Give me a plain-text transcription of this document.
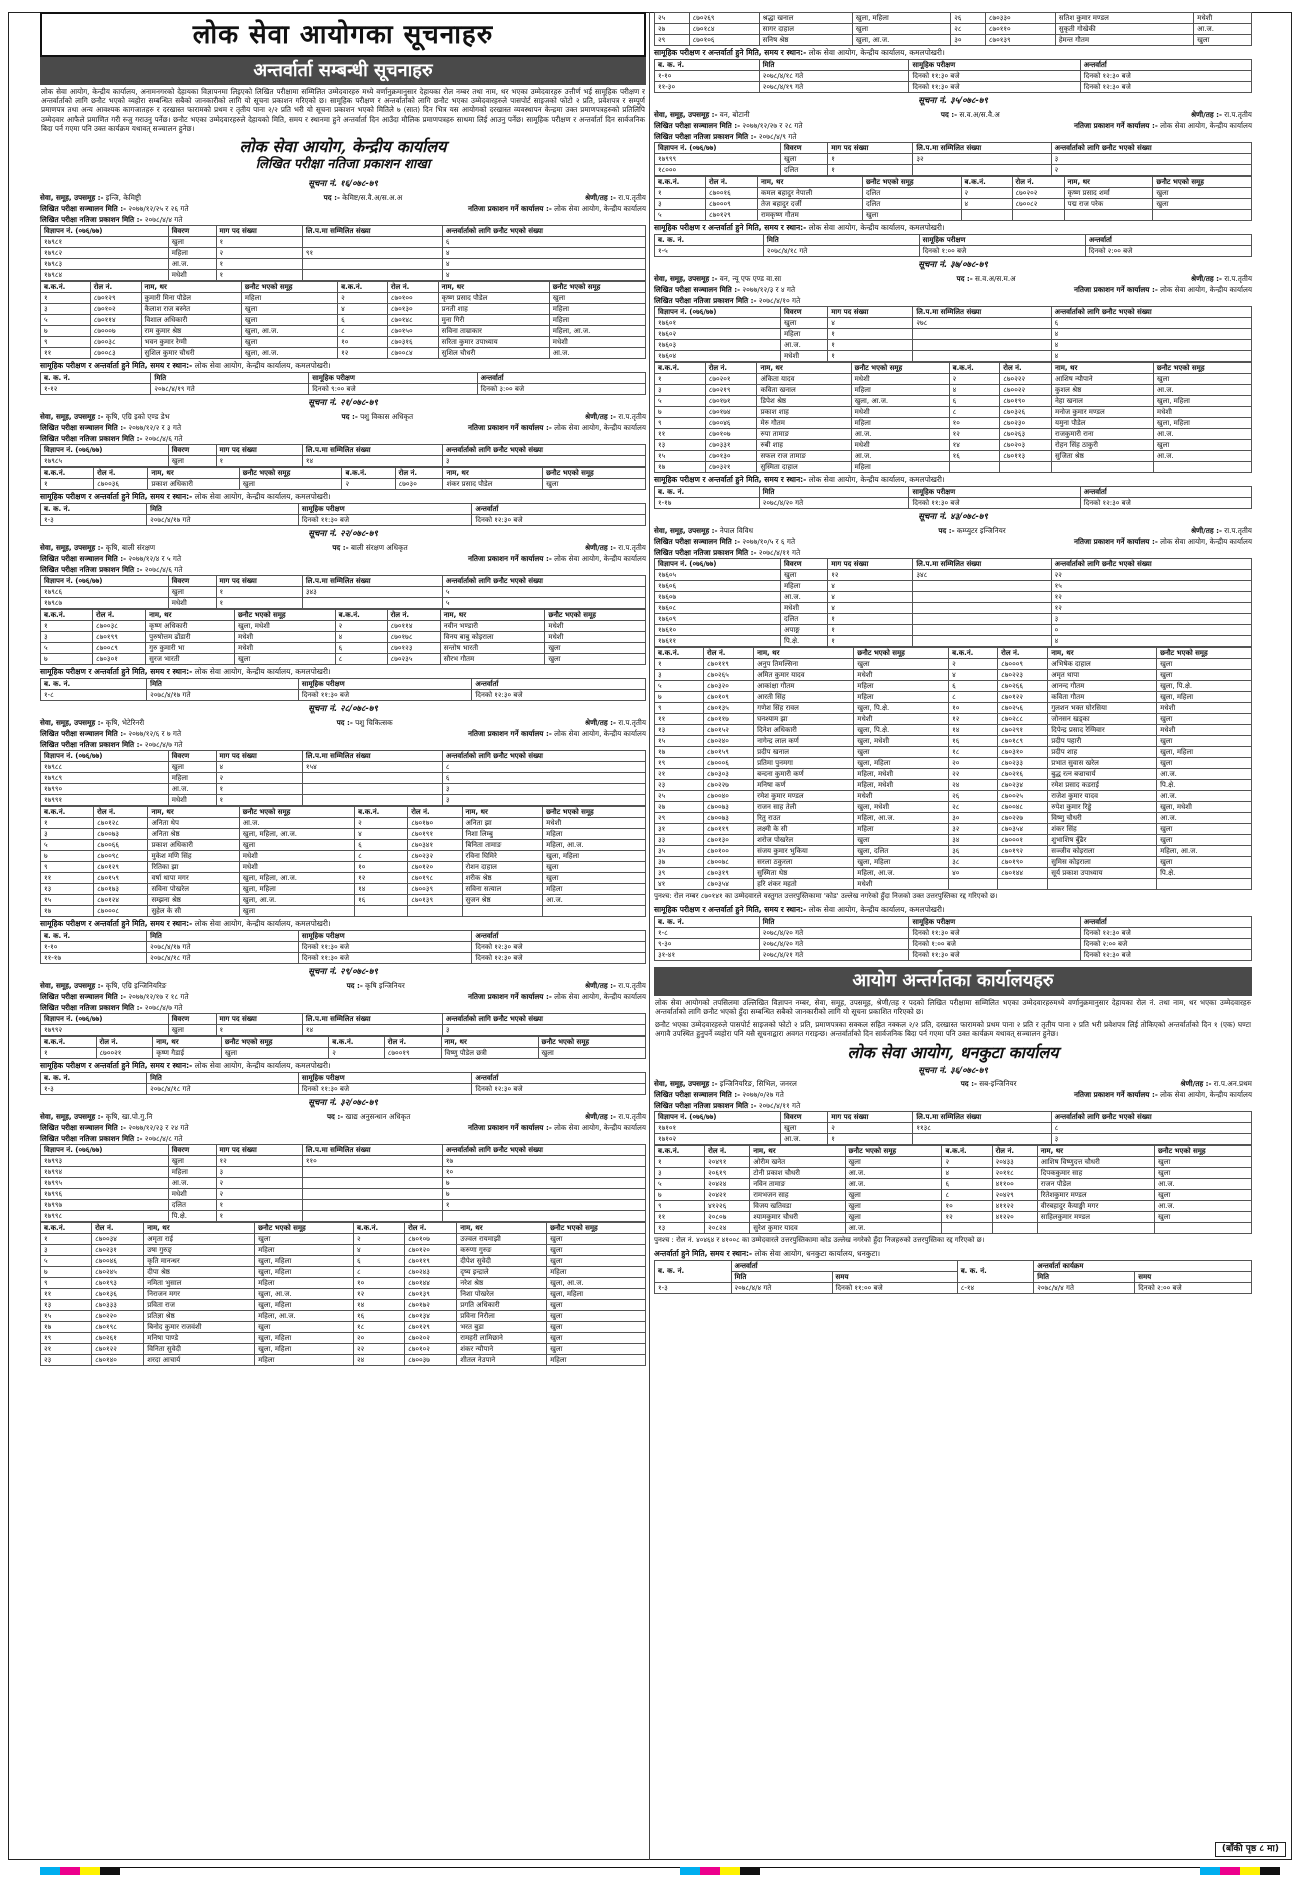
लोक सेवा आयोगका सूचनाहरु
अन्तर्वार्ता सम्बन्धी सूचनाहरु
लोक सेवा आयोग, केन्द्रीय कार्यालय, अनामनगरको देहायका विज्ञापनमा लिइएको लिखित परीक्षामा सम्मिलित उम्मेदवारहरु मध्ये वर्णानुक्रमानुसार देहायका रोल नम्बर तथा नाम, थर भएका उम्मेदवारहरु उत्तीर्ण भई सामूहिक परीक्षण र अन्तर्वार्ताको लागि छनौट भएको व्यहोरा सम्बन्धित सबैको जानकारीको लागि यो सूचना प्रकाशन गरिएको छ। सामूहिक परीक्षण र अन्तर्वार्ताको लागि छनौट भएका उम्मेदवारहरुले पासपोर्ट साइजको फोटो २ प्रति, प्रवेशपत्र र सम्पूर्ण प्रमाणपत्र तथा अन्य आवश्यक कागजातहरु र दरखास्त फारामको प्रथम र तृतीय पाना २/२ प्रति भरी यो सूचना प्रकाशन भएको मितिले ७ (सात) दिन भित्र यस आयोगको दरखास्त व्यवस्थापन केन्द्रमा उक्त प्रमाणपत्रहरुको प्रतिलिपि उम्मेदवार आफैले प्रमाणित गरी रुजु गराउनु पर्नेछ। छनौट भएका उम्मेदवारहरुले देहायको मिति, समय र स्थानमा हुने अन्तर्वार्ता दिन आउँदा मौलिक प्रमाणपत्रहरु साथमा लिई आउनु पर्नेछ। सामूहिक परीक्षण र अन्तर्वार्ता दिन सार्वजनिक बिदा पर्न गएमा पनि उक्त कार्यक्रम यथावत् सञ्चालन हुनेछ।
लोक सेवा आयोग, केन्द्रीय कार्यालय
लिखित परीक्षा नतिजा प्रकाशन शाखा
सूचना नं. १६/०७८-७९
सेवा, समूह, उपसमूह :- इन्जि, केमिष्ट्री	पद :- केमिष्ट/स.वै.अ/स.अ.अ	श्रेणी/तह :- रा.प.तृतीय
लिखित परीक्षा सञ्चालन मिति :- २०७७/१२/२५ र २६ गते	नतिजा प्रकाशन गर्ने कार्यालय :- लोक सेवा आयोग, केन्द्रीय कार्यालय
लिखित परीक्षा नतिजा प्रकाशन मिति :- २०७८/४/४ गते
विज्ञापन नं. (०७६/७७)	विवरण	माग पद संख्या	लि.प.मा सम्मिलित संख्या	अन्तर्वार्ताको लागि छनौट भएको संख्या
१७९८१	खुला	१		६
१७९८२	महिला	२	९१	४
१७९८३	आ.ज.	१		४
१७९८४	मधेशी	१		४
ब.क.नं.	रोल नं.	नाम, थर	छनौट भएको समूह	ब.क.नं.	रोल नं.	नाम, थर	छनौट भएको समूह
१	८७०१२९	कुमारी मिना पौडेल	महिला	२	८७०१००	कृष्ण प्रसाद पौडेल	खुला
३	८७०१०२	कैलाश राज बस्नेत	खुला	४	८७०१३०	प्रनती शाह	महिला
५	८७०११४	विशाल अधिकारी	खुला	६	८७०१४८	मुना गिरी	महिला
७	८७०००७	राम कुमार श्रेष्ठ	खुला, आ.ज.	८	८७०१५०	सविना ताम्राकार	महिला, आ.ज.
९	८७००३८	भवन कुमार रेग्मी	खुला	१०	८७०३१६	सरिता कुमार उपाध्याय	मधेशी
११	८७००८३	सुशिल कुमार चौधरी	खुला, आ.ज.	१२	८७००८४	सुशिल चौधरी	आ.ज.
सामूहिक परीक्षण र अन्तर्वार्ता हुने मिति, समय र स्थान:- लोक सेवा आयोग, केन्द्रीय कार्यालय, कमलपोखरी।
ब. क. नं.	मिति	सामूहिक परीक्षण	अन्तर्वार्ता
१-१२	२०७८/४/१९ गते	दिनको ९:०० बजे	दिनको ३:०० बजे
सूचना नं. २१/०७८-७९
सेवा, समूह, उपसमूह :- कृषि, एग्रि इको एण्ड डेभ	पद :- पशु विकास अधिकृत	श्रेणी/तह :- रा.प.तृतीय
लिखित परीक्षा सञ्चालन मिति :- २०७७/१२/२ र ३ गते	नतिजा प्रकाशन गर्ने कार्यालय :- लोक सेवा आयोग, केन्द्रीय कार्यालय
लिखित परीक्षा नतिजा प्रकाशन मिति :- २०७८/४/६ गते
विज्ञापन नं. (०७६/७७)	विवरण	माग पद संख्या	लि.प.मा सम्मिलित संख्या	अन्तर्वार्ताको लागि छनौट भएको संख्या
१७९८५	खुला	१	१४	३
ब.क.नं.	रोल नं.	नाम, थर	छनौट भएको समूह	ब.क.नं.	रोल नं.	नाम, थर	छनौट भएको समूह
१	८७००३६	प्रकाश अधिकारी	खुला	२	८७०३०	शंकर प्रसाद पौडेल	खुला
सामूहिक परीक्षण र अन्तर्वार्ता हुने मिति, समय र स्थान:- लोक सेवा आयोग, केन्द्रीय कार्यालय, कमलपोखरी।
ब. क. नं.	मिति	सामूहिक परीक्षण	अन्तर्वार्ता
१-३	२०७८/४/१७ गते	दिनको ११:३० बजे	दिनको १२:३० बजे
सूचना नं. २२/०७८-७९
सेवा, समूह, उपसमूह :- कृषि, बाली संरक्षण	पद :- बाली संरक्षण अधिकृत	श्रेणी/तह :- रा.प.तृतीय
लिखित परीक्षा सञ्चालन मिति :- २०७७/१२/४ र ५ गते	नतिजा प्रकाशन गर्ने कार्यालय :- लोक सेवा आयोग, केन्द्रीय कार्यालय
लिखित परीक्षा नतिजा प्रकाशन मिति :- २०७८/४/६ गते
विज्ञापन नं. (०७६/७७)	विवरण	माग पद संख्या	लि.प.मा सम्मिलित संख्या	अन्तर्वार्ताको लागि छनौट भएको संख्या
१७९८६	खुला	१	३४३	५
१७९८७	मधेशी	१		५
ब.क.नं.	रोल नं.	नाम, थर	छनौट भएको समूह	ब.क.नं.	रोल नं.	नाम, थर	छनौट भएको समूह
१	८७००३८	कृष्ण अधिकारी	खुला, मधेशी	२	८७०११४	नवीन भण्डारी	मधेशी
३	८७०१९९	पुरुषोत्तम ढोंडारी	मधेशी	४	८७०१७८	विनय बाबु कोइराला	मधेशी
५	८७००८९	गुरु कुमारी भा	मधेशी	६	८७०१२३	सन्तोष भारती	खुला
७	८७०३०१	सुरज भारती	खुला	८	८७०२३५	सौरभ गौतम	खुला
सामूहिक परीक्षण र अन्तर्वार्ता हुने मिति, समय र स्थान:- लोक सेवा आयोग, केन्द्रीय कार्यालय, कमलपोखरी।
ब. क. नं.	मिति	सामूहिक परीक्षण	अन्तर्वार्ता
१-८	२०७८/४/१७ गते	दिनको ११:३० बजे	दिनको १२:३० बजे
सूचना नं. २८/०७८-७९
सेवा, समूह, उपसमूह :- कृषि, भेटेरिनरी	पद :- पशु चिकित्सक	श्रेणी/तह :- रा.प.तृतीय
लिखित परीक्षा सञ्चालन मिति :- २०७७/१२/६ र ७ गते	नतिजा प्रकाशन गर्ने कार्यालय :- लोक सेवा आयोग, केन्द्रीय कार्यालय
लिखित परीक्षा नतिजा प्रकाशन मिति :- २०७८/४/७ गते
विज्ञापन नं. (०७६/७७)	विवरण	माग पद संख्या	लि.प.मा सम्मिलित संख्या	अन्तर्वार्ताको लागि छनौट भएको संख्या
१७९८८	खुला	४	१५४	८
१७९८९	महिला	२		६
१७९९०	आ.ज.	१		३
१७९९१	मधेशी	१		३
ब.क.नं.	रोल नं.	नाम, थर	छनौट भएको समूह	ब.क.नं.	रोल नं.	नाम, थर	छनौट भएको समूह
१	८७०१२८	अनिता थेप	आ.ज.	२	८७०१७०	अनिता झा	मधेशी
३	८७००७३	अनिता श्रेष्ठ	खुला, महिला, आ.ज.	४	८७०१९१	निशा लिम्बु	महिला
५	८७००६६	प्रकाश अधिकारी	खुला	६	८७०३४१	बिनिता तामाङ	महिला, आ.ज.
७	८७००९८	मुकेश मणि सिंह	मधेशी	८	८७०२३२	रविना घिमिरे	खुला, महिला
९	८७०१२९	रितिका झा	मधेशी	१०	८७०१२०	रोशन दाहाल	खुला
११	८७०१५९	वर्षा थापा मगर	खुला, महिला, आ.ज.	१२	८७०१९८	शरीक श्रेष्ठ	खुला
१३	८७०१७३	सविना पोखरेल	खुला, महिला	१४	८७००३९	सविना सत्याल	महिला
१५	८७०१२४	सम्झना श्रेष्ठ	खुला, आ.ज.	१६	८७०१३९	सुजन श्रेष्ठ	आ.ज.
१७	८७०००८	सुहेल के सी	खुला				
सामूहिक परीक्षण र अन्तर्वार्ता हुने मिति, समय र स्थान:- लोक सेवा आयोग, केन्द्रीय कार्यालय, कमलपोखरी।
ब. क. नं.	मिति	सामूहिक परीक्षण	अन्तर्वार्ता
१-१०	२०७८/४/१७ गते	दिनको ११:३० बजे	दिनको १२:३० बजे
११-१७	२०७८/४/१८ गते	दिनको ११:३० बजे	दिनको १२:३० बजे
सूचना नं. २९/०७८-७९
सेवा, समूह, उपसमूह :- कृषि, एग्रि इन्जिनियरिङ	पद :- कृषि इन्जिनियर	श्रेणी/तह :- रा.प.तृतीय
लिखित परीक्षा सञ्चालन मिति :- २०७७/१२/१७ र १८ गते	नतिजा प्रकाशन गर्ने कार्यालय :- लोक सेवा आयोग, केन्द्रीय कार्यालय
लिखित परीक्षा नतिजा प्रकाशन मिति :- २०७८/४/७ गते
विज्ञापन नं. (०७६/७७)	विवरण	माग पद संख्या	लि.प.मा सम्मिलित संख्या	अन्तर्वार्ताको लागि छनौट भएको संख्या
१७९९२	खुला	१	१४	३
ब.क.नं.	रोल नं.	नाम, थर	छनौट भएको समूह	ब.क.नं.	रोल नं.	नाम, थर	छनौट भएको समूह
१	८७००२१	कृष्ण गैडाई	खुला	२	८७००१९	विष्णु पौडेल छत्री	खुला
सामूहिक परीक्षण र अन्तर्वार्ता हुने मिति, समय र स्थान:- लोक सेवा आयोग, केन्द्रीय कार्यालय, कमलपोखरी।
ब. क. नं.	मिति	सामूहिक परीक्षण	अन्तर्वार्ता
१-३	२०७८/४/१८ गते	दिनको ११:३० बजे	दिनको १२:३० बजे
सूचना नं. ३२/०७८-७९
सेवा, समूह, उपसमूह :- कृषि, खा.पो.गु.नि	पद :- खाद्य अनुसन्धान अधिकृत	श्रेणी/तह :- रा.प.तृतीय
लिखित परीक्षा सञ्चालन मिति :- २०७७/१२/२३ र २४ गते	नतिजा प्रकाशन गर्ने कार्यालय :- लोक सेवा आयोग, केन्द्रीय कार्यालय
लिखित परीक्षा नतिजा प्रकाशन मिति :- २०७८/४/८ गते
विज्ञापन नं. (०७६/७७)	विवरण	माग पद संख्या	लि.प.मा सम्मिलित संख्या	अन्तर्वार्ताको लागि छनौट भएको संख्या
१७९९३	खुला	१२	११०	१७
१७९९४	महिला	३		१०
१७९९५	आ.ज.	२		७
१७९९६	मधेशी	२		७
१७९९७	दलित	१		१
१७९९८	पि.क्षे.	१		
ब.क.नं.	रोल नं.	नाम, थर	छनौट भएको समूह	ब.क.नं.	रोल नं.	नाम, थर	छनौट भएको समूह
१	८७००३४	अमृता राई	खुला	२	८७०१०७	उज्वल रायमाझी	खुला
३	८७०२३१	उषा गुरुङ्	महिला	४	८७०१२०	करुणा गुरुङ	खुला
५	८७००४६	कृति मानन्धर	खुला, महिला	६	८७०११९	दीपेश सुवेदी	खुला
७	८७०२४५	दीपा श्रेष्ठ	खुला, महिला	८	८७०२४३	दृष्य इन्द्राले	महिला
९	८७०१९३	नमिता भुसाल	महिला	१०	८७०१४४	नरेश श्रेष्ठ	खुला, आ.ज.
११	८७०१३६	निराजन मगर	खुला, आ.ज.	१२	८७०१३९	निशा पोखरेल	खुला, महिला
१३	८७०३३३	प्रविता राज	खुला, महिला	१४	८७०१७२	प्रगति अधिकारी	खुला
१५	८७०२२०	प्रतिज्ञा श्रेष्ठ	महिला, आ.ज.	१६	८७०१३४	प्रविना निरौला	खुला
१७	८७०१९८	बिनोद कुमार राजवंशी	खुला	१८	८७०१२९	भरत बुडा	खुला
१९	८७०२६१	मनिषा पाण्डे	खुला, महिला	२०	८७०२०२	रामहरी लामिछाने	खुला
२१	८७०१२२	विनिता सुवेदी	खुला, महिला	२२	८७०१०२	शंकर न्यौपाने	खुला
२३	८७०१४०	शरदा आचार्य	महिला	२४	८७००३७	शीतल नेउपाने	महिला
२५	८७०२६९	श्रद्धा खनाल	खुला, महिला	२६	८७०३३०	सतिश कुमार मण्डल	मधेशी
२७	८७०१८४	सागर दाहाल	खुला	२८	८७०११०	सुकृती गोखेकी	आ.ज.
२९	८७०१०६	सनिष श्रेष्ठ	खुला, आ.ज.	३०	८७०१३९	हेमन्त गौतम	खुला
सामूहिक परीक्षण र अन्तर्वार्ता हुने मिति, समय र स्थान:- लोक सेवा आयोग, केन्द्रीय कार्यालय, कमलपोखरी।
ब. क. नं.	मिति	सामूहिक परीक्षण	अन्तर्वार्ता
१-१०	२०७८/४/१८ गते	दिनको ११:३० बजे	दिनको १२:३० बजे
११-३०	२०७८/४/१९ गते	दिनको ११:३० बजे	दिनको १२:३० बजे
सूचना नं. ३५/०७८-७९
सेवा, समूह, उपसमूह :- वन, बोटानी	पद :- स.व.अ/स.वै.अ	श्रेणी/तह :- रा.प.तृतीय
लिखित परीक्षा सञ्चालन मिति :- २०७७/१२/२७ र २८ गते	नतिजा प्रकाशन गर्ने कार्यालय :- लोक सेवा आयोग, केन्द्रीय कार्यालय
लिखित परीक्षा नतिजा प्रकाशन मिति :- २०७८/४/९ गते
विज्ञापन नं. (०७६/७७)	विवरण	माग पद संख्या	लि.प.मा सम्मिलित संख्या	अन्तर्वार्ताको लागि छनौट भएको संख्या
१७९९९	खुला	१	३२	३
१८०००	दलित	१		२
ब.क.नं.	रोल नं.	नाम, थर	छनौट भएको समूह	ब.क.नं.	रोल नं.	नाम, थर	छनौट भएको समूह
१	८७००१६	कमल बहादुर नेपाली	दलित	२	८७०२०२	कृष्ण प्रसाद शर्मा	खुला
३	८७०००९	तेज बहादुर दर्जी	दलित	४	८७००८२	पद्म राज परेक	खुला
५	८७०१२९	रामकृष्ण गौतम	खुला				
सामूहिक परीक्षण र अन्तर्वार्ता हुने मिति, समय र स्थान:- लोक सेवा आयोग, केन्द्रीय कार्यालय, कमलपोखरी।
ब. क. नं.	मिति	सामूहिक परीक्षण	अन्तर्वार्ता
१-५	२०७८/४/१८ गते	दिनको १:०० बजे	दिनको २:०० बजे
सूचना नं. ३७/०७८-७९
सेवा, समूह, उपसमूह :- वन, न्यू एफ एण्ड वा.सा	पद :- स.व.अ/स.म.अ	श्रेणी/तह :- रा.प.तृतीय
लिखित परीक्षा सञ्चालन मिति :- २०७७/१२/३ र ४ गते	नतिजा प्रकाशन गर्ने कार्यालय :- लोक सेवा आयोग, केन्द्रीय कार्यालय
लिखित परीक्षा नतिजा प्रकाशन मिति :- २०७८/४/१० गते
विज्ञापन नं. (०७६/७७)	विवरण	माग पद संख्या	लि.प.मा सम्मिलित संख्या	अन्तर्वार्ताको लागि छनौट भएको संख्या
१७६०१	खुला	४	२७८	६
१७६०२	महिला	१		४
१७६०३	आ.ज.	१		४
१७६०४	मधेशी	१		४
ब.क.नं.	रोल नं.	नाम, थर	छनौट भएको समूह	ब.क.नं.	रोल नं.	नाम, थर	छनौट भएको समूह
१	८७०२०१	अंकिता यादव	मधेशी	२	८७०२२२	आशिष न्यौपाने	खुला
३	८७०२१९	कविता खनाल	महिला	४	८७००२२	कुशल श्रेष्ठ	आ.ज.
५	८७०१७१	डिपेश श्रेष्ठ	खुला, आ.ज.	६	८७०१९०	नेहा खनाल	खुला, महिला
७	८७०१७४	प्रकाश शाह	मधेशी	८	८७०३२६	मनोज कुमार मण्डल	मधेशी
९	८७००४६	मेरु गौतम	महिला	१०	८७०२३०	यमुना पौडेल	खुला, महिला
११	८७०१०७	रुपा तामाङ	आ.ज.	१२	८७०२६३	राजकुमारी राना	आ.ज.
१३	८७०३३१	रुबी शाह	मधेशी	१४	८७०२०३	रोहन सिंह ठाकुरी	खुला
१५	८७०१३०	सफल राज तामाङ	आ.ज.	१६	८७०११३	सुजिता श्रेष्ठ	आ.ज.
१७	८७०३२१	सुस्मिता दाहाल	महिला				
सामूहिक परीक्षण र अन्तर्वार्ता हुने मिति, समय र स्थान:- लोक सेवा आयोग, केन्द्रीय कार्यालय, कमलपोखरी।
ब. क. नं.	मिति	सामूहिक परीक्षण	अन्तर्वार्ता
१-१७	२०७८/४/२० गते	दिनको ११:३० बजे	दिनको १२:३० बजे
सूचना नं. ४३/०७८-७९
सेवा, समूह, उपसमूह :- नेपाल विविध	पद :- कम्प्युटर इन्जिनियर	श्रेणी/तह :- रा.प.तृतीय
लिखित परीक्षा सञ्चालन मिति :- २०७७/१०/५ र ६ गते	नतिजा प्रकाशन गर्ने कार्यालय :- लोक सेवा आयोग, केन्द्रीय कार्यालय
लिखित परीक्षा नतिजा प्रकाशन मिति :- २०७८/४/११ गते
विज्ञापन नं. (०७६/७७)	विवरण	माग पद संख्या	लि.प.मा सम्मिलित संख्या	अन्तर्वार्ताको लागि छनौट भएको संख्या
१७६०५	खुला	१२	३४८	२२
१७६०६	महिला	४		१५
१७६०७	आ.ज.	४		१२
१७६०८	मधेशी	४		१२
१७६०९	दलित	१		३
१७६१०	अपाङ्ग	१		०
१७६११	पि.क्षे.	१		४
ब.क.नं.	रोल नं.	नाम, थर	छनौट भएको समूह	ब.क.नं.	रोल नं.	नाम, थर	छनौट भएको समूह
१	८७०११९	अनुप तिमल्सिना	खुला	२	८७०००९	अभिषेक दाहाल	खुला
३	८७०२६५	अमित कुमार यादव	मधेशी	४	८७०२२३	अमृत थापा	खुला
५	८७०३२०	आकांक्षा गौतम	महिला	६	८७०२६६	आनन्द गौतम	खुला, पि.क्षे.
७	८७०१०९	आरती सिंह	महिला	८	८७०१२२	कविता गौतम	खुला, महिला
९	८७०१३५	गणेश सिंह रावल	खुला, पि.क्षे.	१०	८७०२५६	गुलशन भक्त घोरसिया	मधेशी
११	८७०११७	घनश्याम झा	मधेशी	१२	८७०२८८	जोनसन खड्का	खुला
१३	८७०१५२	दिनेश अधिकारी	खुला, पि.क्षे.	१४	८७०२९१	दिपेन्द्र प्रसाद रेग्मिवार	मधेशी
१५	८७०२४०	नागेन्द्र लाल कर्ण	खुला, मधेशी	१६	८७०१८९	प्रदीप पहारी	खुला
१७	८७०१५९	प्रदीप खनाल	खुला	१८	८७०३१०	प्रदीप शाह	खुला, महिला
१९	८७०००६	प्रतिमा पुनमगा	खुला, महिला	२०	८७०२३३	प्रभात सुवास खरेल	खुला
२१	८७०३०३	बन्दना कुमारी कर्ण	महिला, मधेशी	२२	८७०२१६	बुद्ध रत्न बज्राचार्य	आ.ज.
२३	८७०२२७	मनिषा कर्ण	महिला, मधेशी	२४	८७०२३४	रमेश प्रसाद कडराई	पि.क्षे.
२५	८७००४०	रमेश कुमार मण्डल	मधेशी	२६	८७००२५	राजेश कुमार यादव	आ.ज.
२७	८७००७३	राजन साह तेली	खुला, मधेशी	२८	८७००४८	रुपेश कुमार रिड्ढे	खुला, मधेशी
२९	८७००७३	रितु राउत	महिला, आ.ज.	३०	८७०२२७	विष्णु चौधरी	आ.ज.
३१	८७०११९	लक्ष्मी के सी	महिला	३२	८७०३५४	शंकर सिंह	खुला
३३	८७०१३०	शरोज पोखरेल	खुला	३४	८७०००१	शुभाशिष बुँढैर	खुला
३५	८७०१००	संजय कुमार भुकिया	खुला, दलित	३६	८७०१९२	सञ्जीव कोइराला	महिला, आ.ज.
३७	८७००७८	सरला ठकुरला	खुला, महिला	३८	८७०१९०	सुमिस कोइराला	खुला
३९	८७०३१९	सुस्मिता थेष्ठ	महिला, आ.ज.	४०	८७०१४४	सूर्य प्रकाश उपाध्याय	पि.क्षे.
४१	८७०३५४	हरि शंकर महतो	मधेशी				
पुनश्च: रोल नम्बर ८७०१४१ का उम्मेदवारले वस्तुगत उत्तरपुस्तिकामा 'कोड' उल्लेख नगरेको हुँदा निजको उक्त उत्तरपुस्तिका रद्द गरिएको छ।
सामूहिक परीक्षण र अन्तर्वार्ता हुने मिति, समय र स्थान:- लोक सेवा आयोग, केन्द्रीय कार्यालय, कमलपोखरी।
ब. क. नं.	मिति	सामूहिक परीक्षण	अन्तर्वार्ता
१-८	२०७८/४/२० गते	दिनको ११:३० बजे	दिनको १२:३० बजे
९-३०	२०७८/४/२० गते	दिनको १:०० बजे	दिनको २:०० बजे
३१-४१	२०७८/४/२१ गते	दिनको ११:३० बजे	दिनको १२:३० बजे
आयोग अन्तर्गतका कार्यालयहरु
लोक सेवा आयोगको तपसिलमा उल्लिखित विज्ञापन नम्बर, सेवा, समूह, उपसमूह, श्रेणी/तह र पदको लिखित परीक्षामा सम्मिलित भएका उम्मेदवारहरुमध्ये वर्णानुक्रमानुसार देहायका रोल नं. तथा नाम, थर भएका उम्मेदवारहरु अन्तर्वार्ताको लागि छनौट भएको हुँदा सम्बन्धित सबैको जानकारीको लागि यो सूचना प्रकाशित गरिएको छ।
छनौट भएका उम्मेदवारहरुले पासपोर्ट साइजको फोटो २ प्रति, प्रमाणपत्रका सक्कल सहित नक्कल २/२ प्रति, दरखास्त फारामको प्रथम पाना २ प्रति र तृतीय पाना २ प्रति भरी प्रवेशपत्र लिई तोकिएको अन्तर्वार्ताको दिन १ (एक) घण्टा अगावै उपस्थित हुनुपर्ने व्यहोरा पनि यसै सूचनाद्वारा अवगत गराइन्छ। अन्तर्वार्ताको दिन सार्वजनिक बिदा पर्न गएमा पनि उक्त कार्यक्रम यथावत् सञ्चालन हुनेछ।
लोक सेवा आयोग, धनकुटा कार्यालय
सूचना नं. ३६/०७८-७९
सेवा, समूह, उपसमूह :- इन्जिनियरिङ, सिभिल, जनरल	पद :- सब-इन्जिनियर	श्रेणी/तह :- रा.प.अन.प्रथम
लिखित परीक्षा सञ्चालन मिति :- २०७७/०/२७ गते	नतिजा प्रकाशन गर्ने कार्यालय :- लोक सेवा आयोग, केन्द्रीय कार्यालय
लिखित परीक्षा नतिजा प्रकाशन मिति :- २०७८/४/११ गते
विज्ञापन नं. (०७६/७७)	विवरण	माग पद संख्या	लि.प.मा सम्मिलित संख्या	अन्तर्वार्ताको लागि छनौट भएको संख्या
१७१०१	खुला	२	११३८	८
१७१०२	आ.ज.	१		३
ब.क.नं.	रोल नं.	नाम, थर	छनौट भएको समूह	ब.क.नं.	रोल नं.	नाम, थर	छनौट भएको समूह
१	२०४९१	ओरीम खनेत	खुला	२	२०४३३	आशिष विष्णुदत्त चौधरी	खुला
३	२०६१९	टोनी प्रकाश चौधरी	आ.ज.	४	२०११८	दिपककुमार साह	खुला
५	२०४२४	नविन तामाङ	आ.ज.	६	४११००	राजन पौडेल	आ.ज.
७	२०४२१	रामभजन साह	खुला	८	२०४२९	रितेशकुमार मण्डल	खुला
९	४१२२६	विजय खतिवडा	खुला	१०	४११२२	वीरबहादुर कैयाङ्खी मगर	आ.ज.
११	२०८०७	श्यामकुमार चौधरी	खुला	१२	४१२२०	साहिलकुमार मण्डल	खुला
१३	२०८२४	सुरेश कुमार यादव	आ.ज.				
पुनश्च : रोल नं. ४०४६४ र ४१००८ का उम्मेदवारले उत्तरपुस्तिकामा कोड उल्लेख नगरेको हुँदा निजहरुको उत्तरपुस्तिका रद्द गरिएको छ।
अन्तर्वार्ता हुने मिति, समय र स्थान:- लोक सेवा आयोग, धनकुटा कार्यालय, धनकुटा।
ब. क. नं.	अन्तर्वार्ता		ब. क. नं.	अन्तर्वार्ता कार्यक्रम	
	मिति	समय		मिति	समय
१-३	२०७८/४/४ गते	दिनको ११:०० बजे	८-१४	२०७८/४/४ गते	दिनको २:०० बजे
(बाँकी पृष्ठ ८ मा)
